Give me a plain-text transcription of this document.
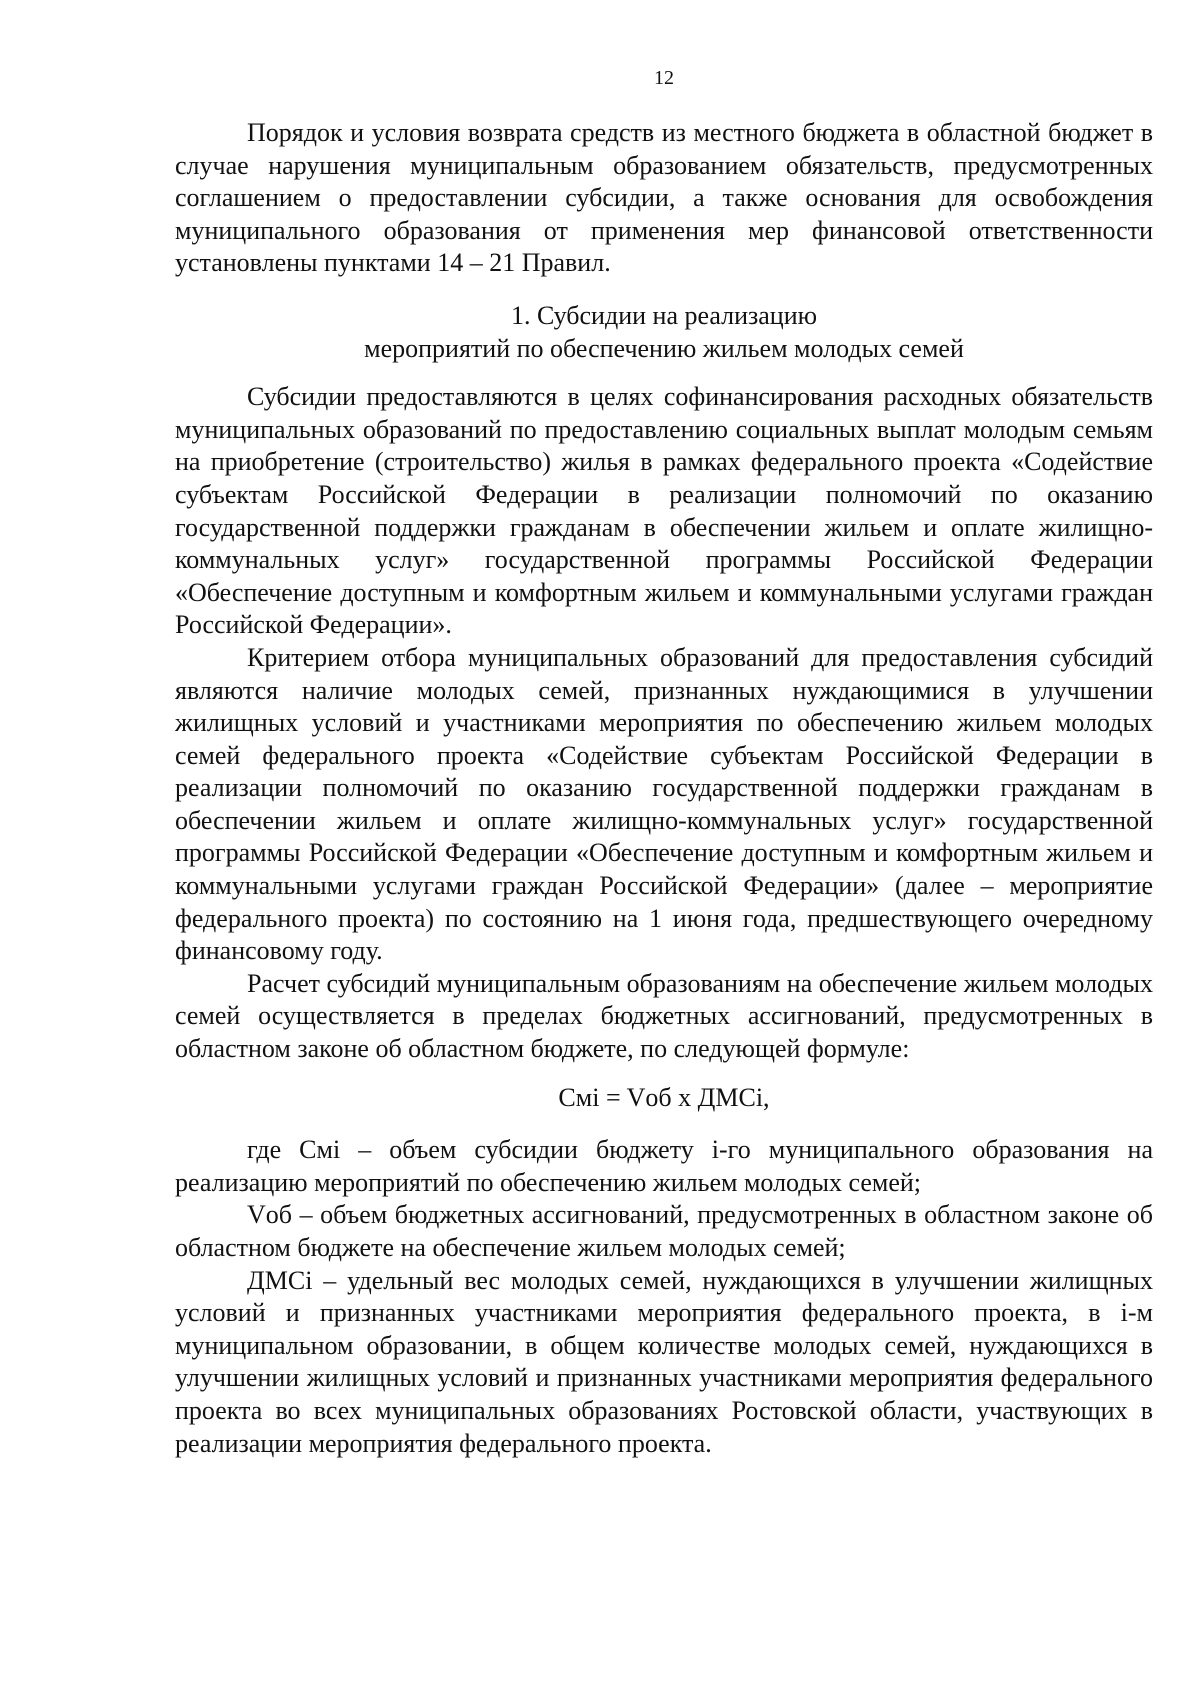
12

Порядок и условия возврата средств из местного бюджета в областной бюджет в случае нарушения муниципальным образованием обязательств, предусмотренных соглашением о предоставлении субсидии, а также основания для освобождения муниципального образования от применения мер финансовой ответственности установлены пунктами 14 – 21 Правил.

1. Субсидии на реализацию
мероприятий по обеспечению жильем молодых семей

Субсидии предоставляются в целях софинансирования расходных обязательств муниципальных образований по предоставлению социальных выплат молодым семьям на приобретение (строительство) жилья в рамках федерального проекта «Содействие субъектам Российской Федерации в реализации полномочий по оказанию государственной поддержки гражданам в обеспечении жильем и оплате жилищно-коммунальных услуг» государственной программы Российской Федерации «Обеспечение доступным и комфортным жильем и коммунальными услугами граждан Российской Федерации».

Критерием отбора муниципальных образований для предоставления субсидий являются наличие молодых семей, признанных нуждающимися в улучшении жилищных условий и участниками мероприятия по обеспечению жильем молодых семей федерального проекта «Содействие субъектам Российской Федерации в реализации полномочий по оказанию государственной поддержки гражданам в обеспечении жильем и оплате жилищно-коммунальных услуг» государственной программы Российской Федерации «Обеспечение доступным и комфортным жильем и коммунальными услугами граждан Российской Федерации» (далее – мероприятие федерального проекта) по состоянию на 1 июня года, предшествующего очередному финансовому году.

Расчет субсидий муниципальным образованиям на обеспечение жильем молодых семей осуществляется в пределах бюджетных ассигнований, предусмотренных в областном законе об областном бюджете, по следующей формуле:

Смi = Vоб х ДМСi,

где Смi – объем субсидии бюджету i-го муниципального образования на реализацию мероприятий по обеспечению жильем молодых семей;

Vоб – объем бюджетных ассигнований, предусмотренных в областном законе об областном бюджете на обеспечение жильем молодых семей;

ДМСi – удельный вес молодых семей, нуждающихся в улучшении жилищных условий и признанных участниками мероприятия федерального проекта, в i-м муниципальном образовании, в общем количестве молодых семей, нуждающихся в улучшении жилищных условий и признанных участниками мероприятия федерального проекта во всех муниципальных образованиях Ростовской области, участвующих в реализации мероприятия федерального проекта.
